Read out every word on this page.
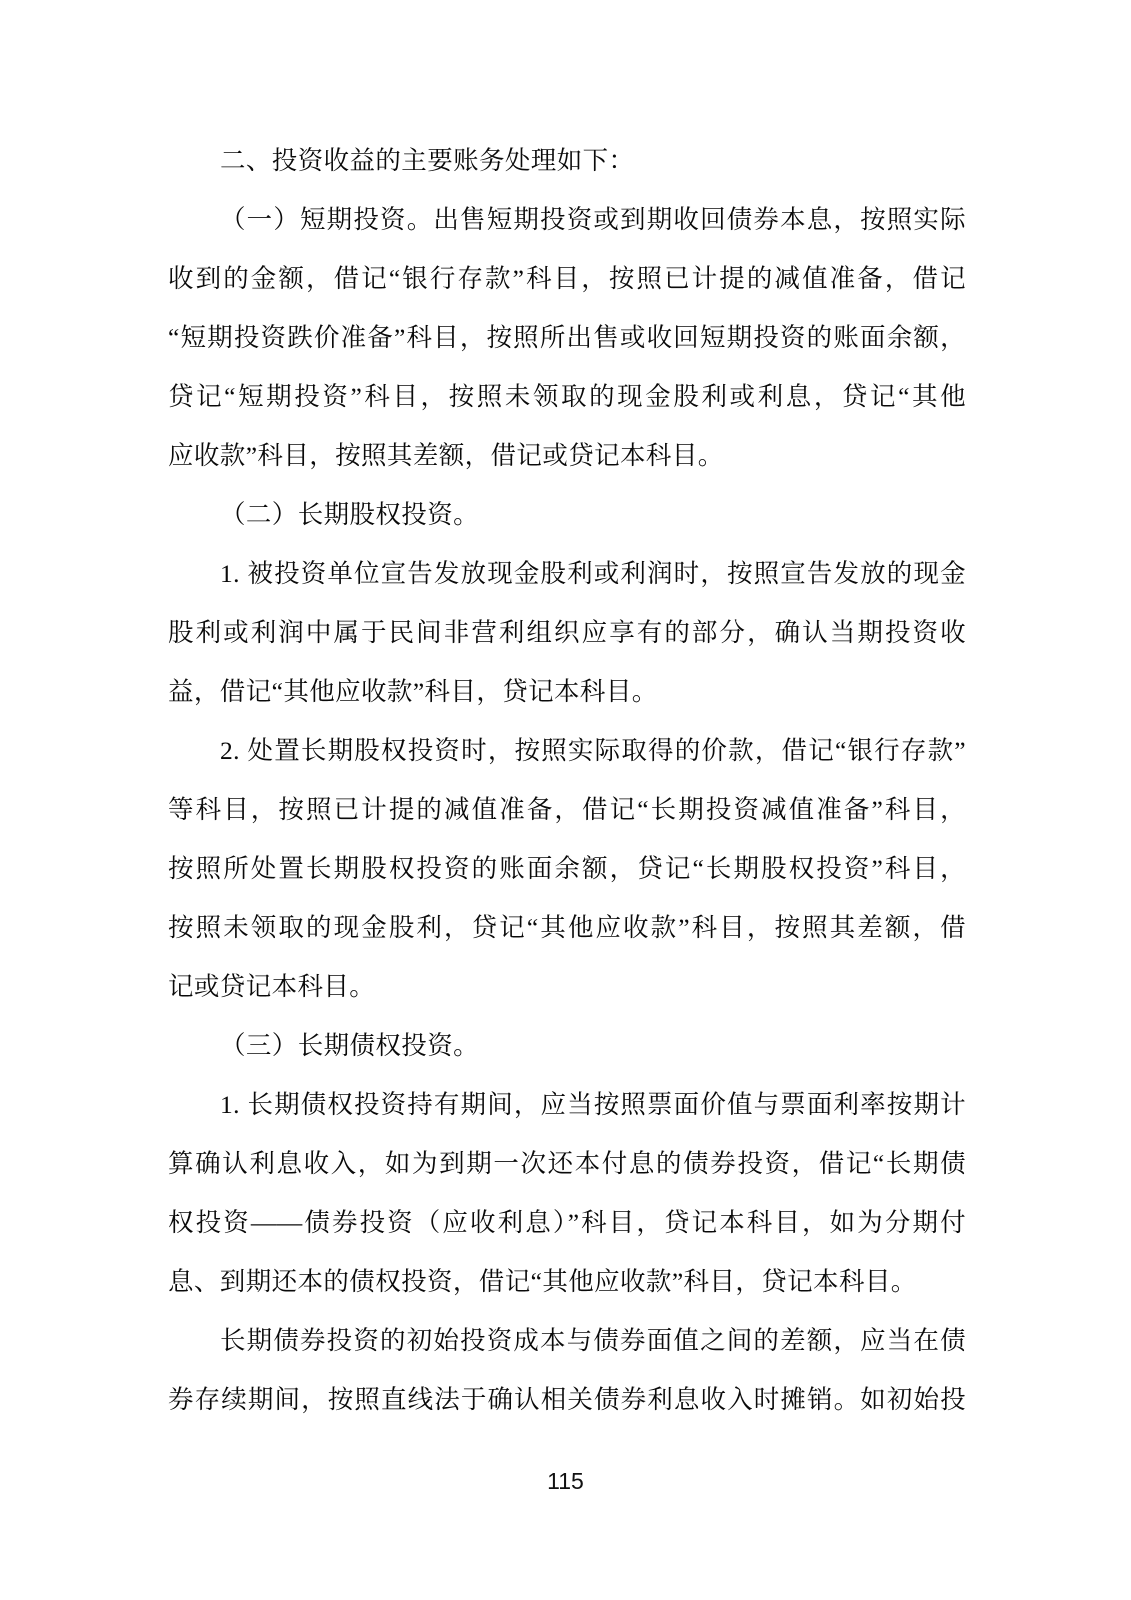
二、投资收益的主要账务处理如下：
（一）短期投资。出售短期投资或到期收回债券本息，按照实际
收到的金额，借记“银行存款”科目，按照已计提的减值准备，借记
“短期投资跌价准备”科目，按照所出售或收回短期投资的账面余额，
贷记“短期投资”科目，按照未领取的现金股利或利息，贷记“其他
应收款”科目，按照其差额，借记或贷记本科目。
（二）长期股权投资。
1. 被投资单位宣告发放现金股利或利润时，按照宣告发放的现金
股利或利润中属于民间非营利组织应享有的部分，确认当期投资收
益，借记“其他应收款”科目，贷记本科目。
2. 处置长期股权投资时，按照实际取得的价款，借记“银行存款”
等科目，按照已计提的减值准备，借记“长期投资减值准备”科目，
按照所处置长期股权投资的账面余额，贷记“长期股权投资”科目，
按照未领取的现金股利，贷记“其他应收款”科目，按照其差额，借
记或贷记本科目。
（三）长期债权投资。
1. 长期债权投资持有期间，应当按照票面价值与票面利率按期计
算确认利息收入，如为到期一次还本付息的债券投资，借记“长期债
权投资——债券投资（应收利息）”科目，贷记本科目，如为分期付
息、到期还本的债权投资，借记“其他应收款”科目，贷记本科目。
长期债券投资的初始投资成本与债券面值之间的差额，应当在债
券存续期间，按照直线法于确认相关债券利息收入时摊销。如初始投
115
